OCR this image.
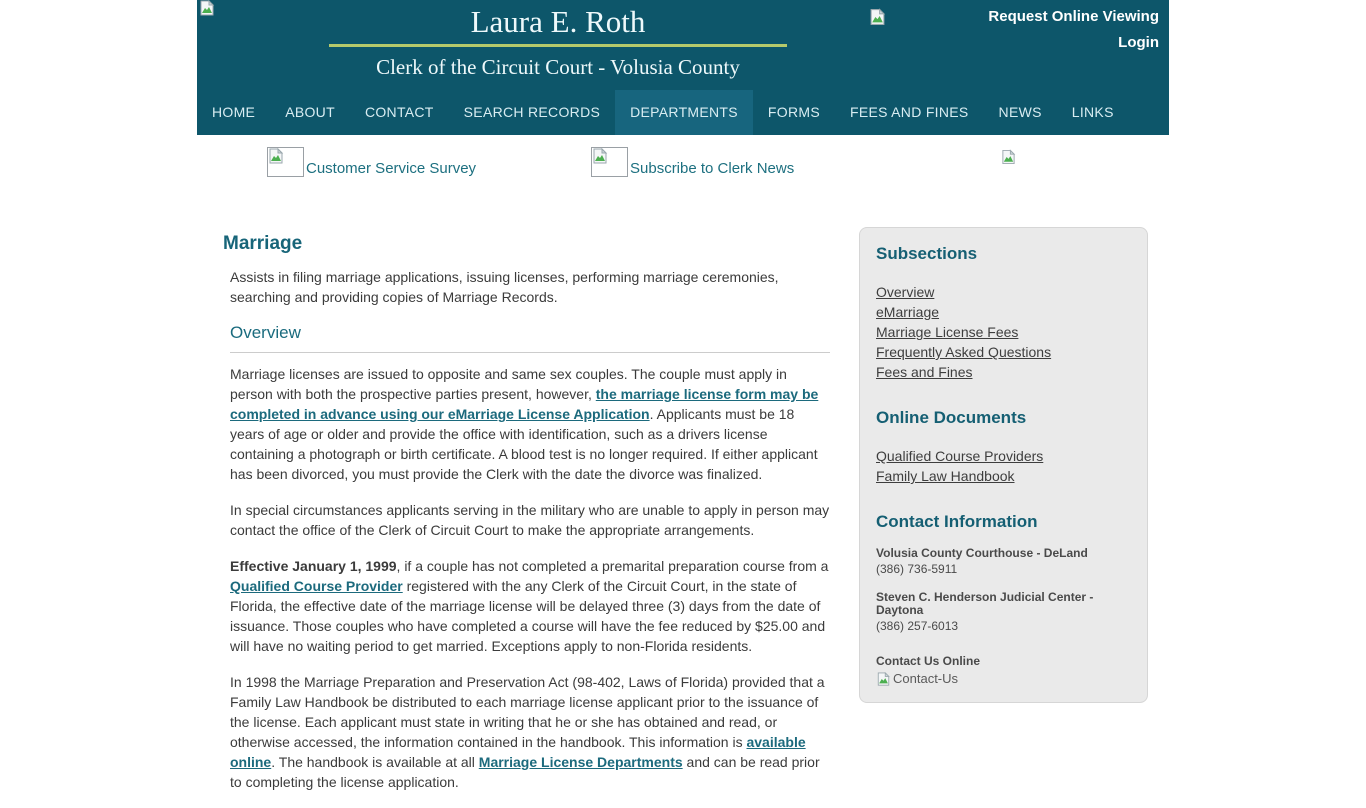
Laura E. Roth
Clerk of the Circuit Court - Volusia County
Request Online Viewing
Login
HOME	ABOUT	CONTACT	SEARCH RECORDS	DEPARTMENTS	FORMS	FEES AND FINES	NEWS	LINKS
Customer Service Survey	Subscribe to Clerk News
Marriage

Assists in filing marriage applications, issuing licenses, performing marriage ceremonies, searching and providing copies of Marriage Records.

Overview

Marriage licenses are issued to opposite and same sex couples. The couple must apply in person with both the prospective parties present, however, the marriage license form may be completed in advance using our eMarriage License Application. Applicants must be 18 years of age or older and provide the office with identification, such as a drivers license containing a photograph or birth certificate. A blood test is no longer required. If either applicant has been divorced, you must provide the Clerk with the date the divorce was finalized.

In special circumstances applicants serving in the military who are unable to apply in person may contact the office of the Clerk of Circuit Court to make the appropriate arrangements.

Effective January 1, 1999, if a couple has not completed a premarital preparation course from a Qualified Course Provider registered with the any Clerk of the Circuit Court, in the state of Florida, the effective date of the marriage license will be delayed three (3) days from the date of issuance. Those couples who have completed a course will have the fee reduced by $25.00 and will have no waiting period to get married. Exceptions apply to non-Florida residents.

In 1998 the Marriage Preparation and Preservation Act (98-402, Laws of Florida) provided that a Family Law Handbook be distributed to each marriage license applicant prior to the issuance of the license. Each applicant must state in writing that he or she has obtained and read, or otherwise accessed, the information contained in the handbook. This information is available online. The handbook is available at all Marriage License Departments and can be read prior to completing the license application.

Subsections
Overview
eMarriage
Marriage License Fees
Frequently Asked Questions
Fees and Fines
Online Documents
Qualified Course Providers
Family Law Handbook
Contact Information
Volusia County Courthouse - DeLand
(386) 736-5911
Steven C. Henderson Judicial Center - Daytona
(386) 257-6013
Contact Us Online
Contact-Us
